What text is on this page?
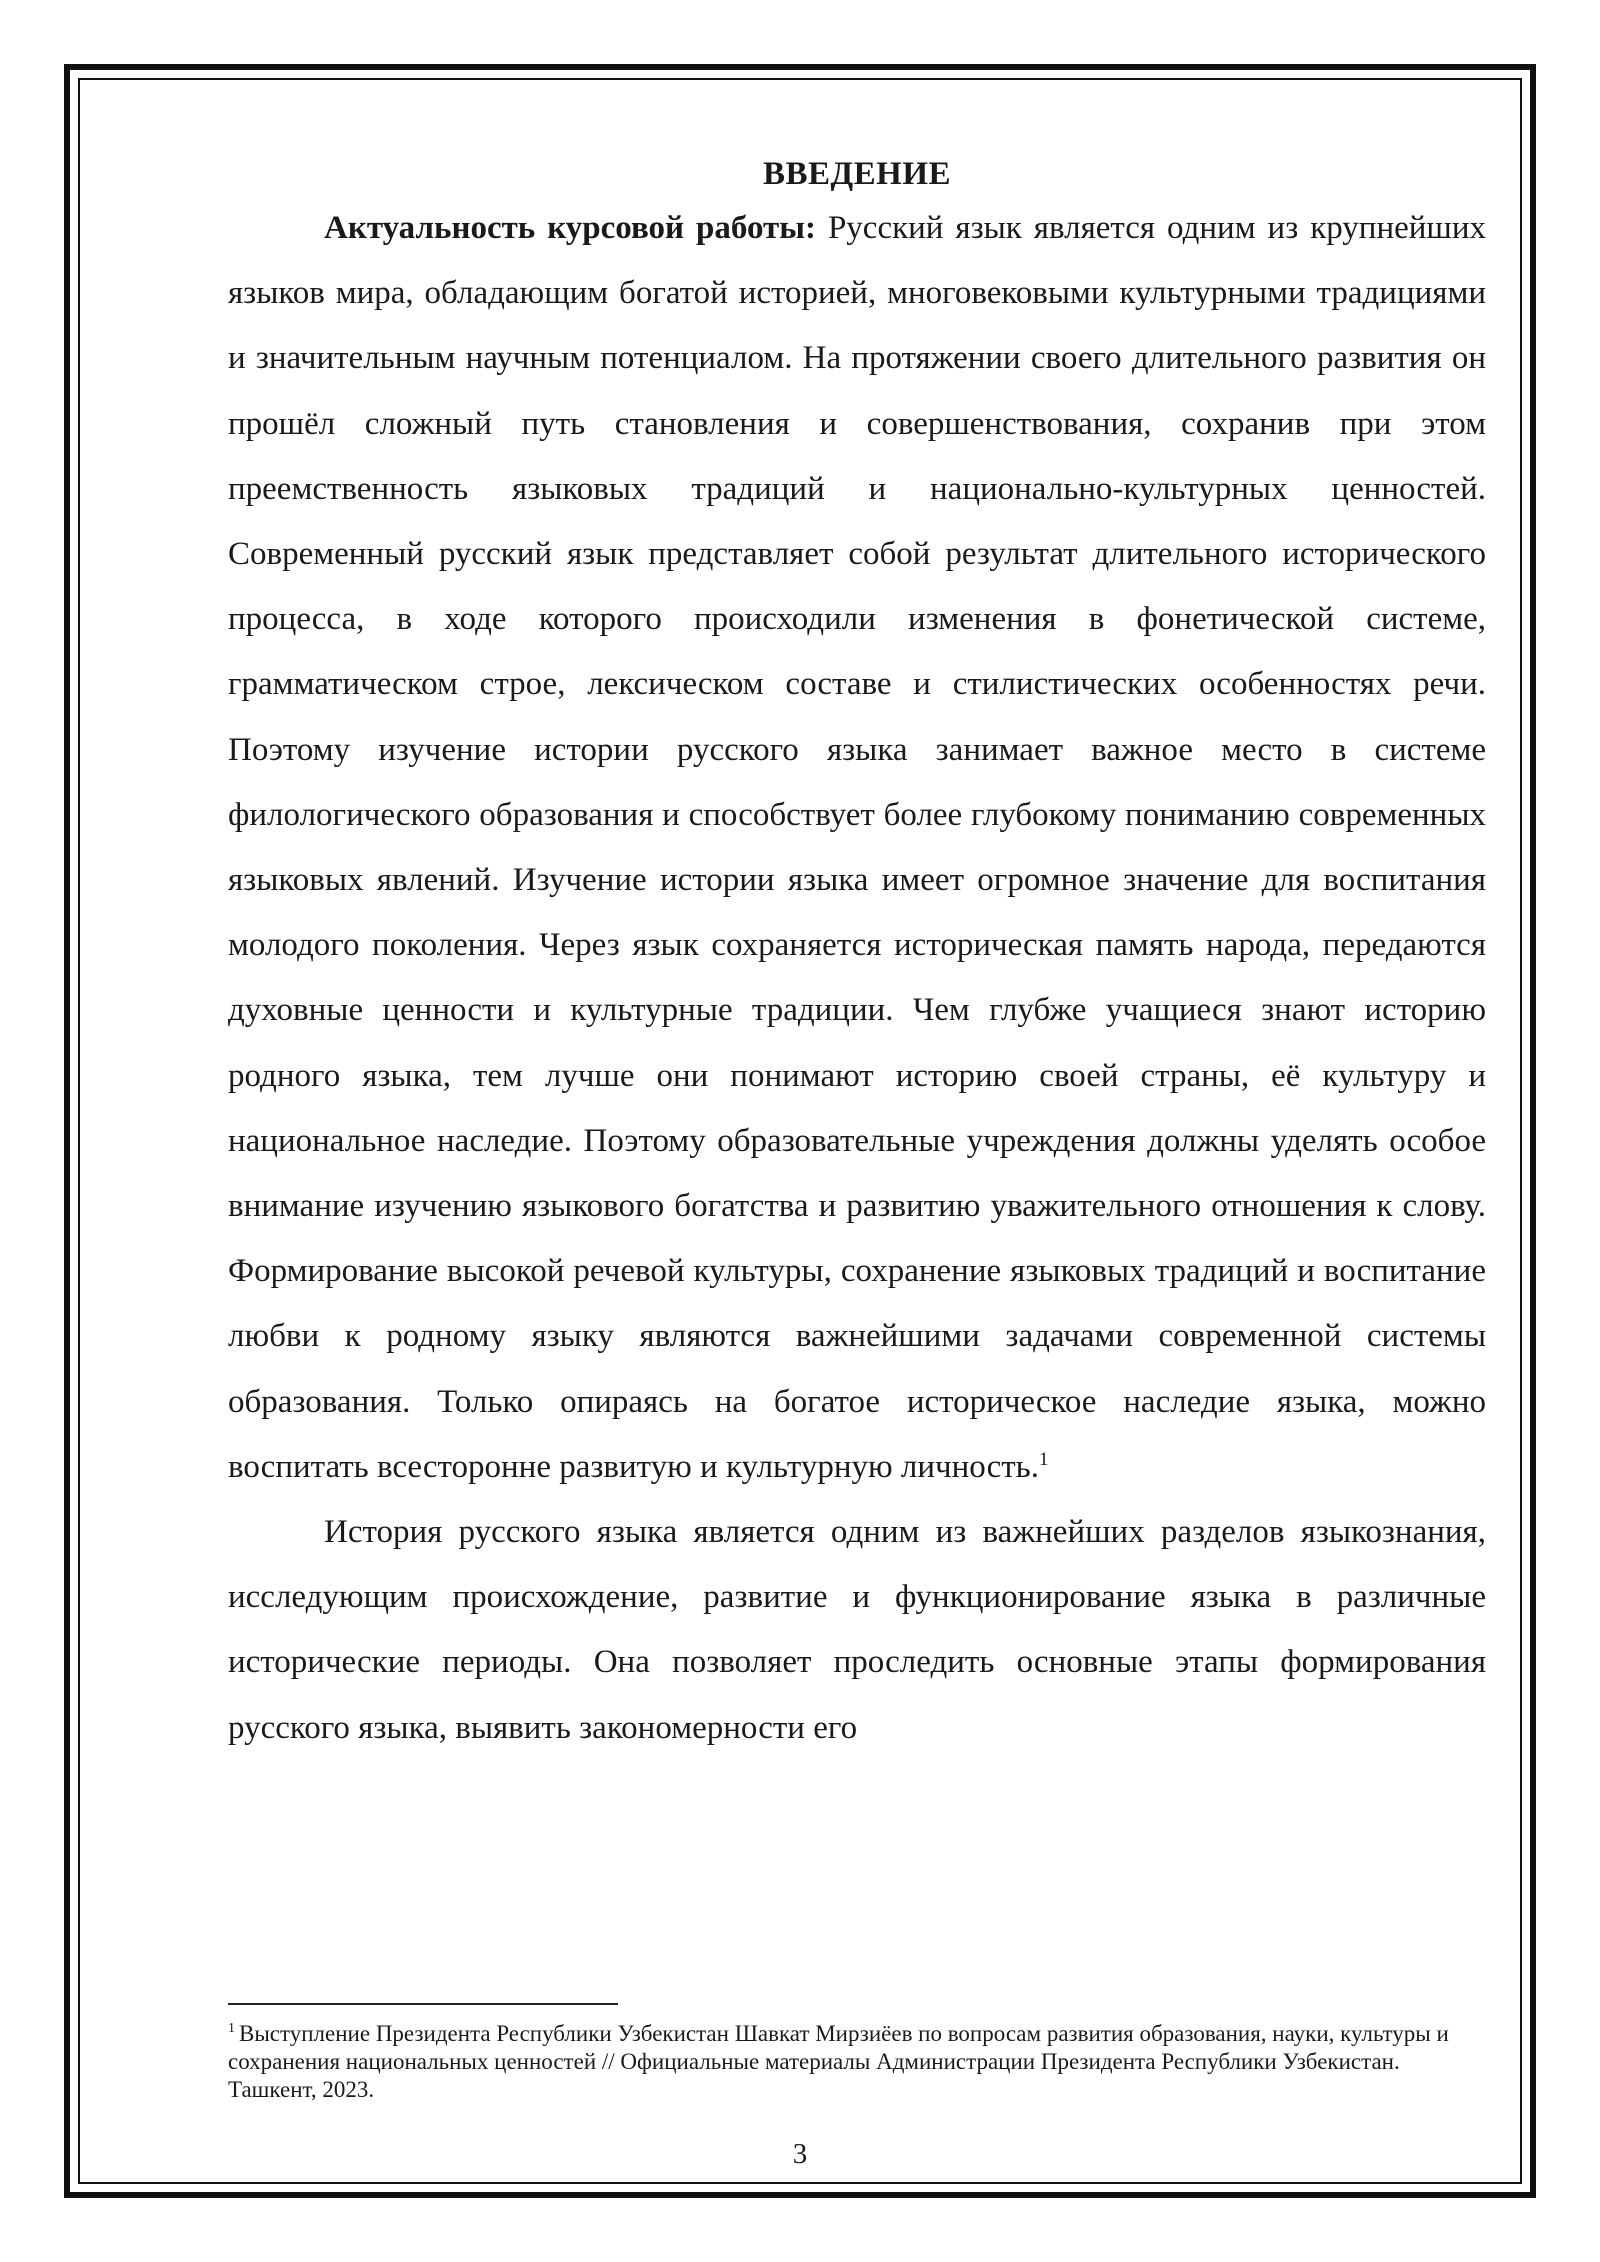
ВВЕДЕНИЕ

Актуальность курсовой работы: Русский язык является одним из крупнейших языков мира, обладающим богатой историей, многовековыми культурными традициями и значительным научным потенциалом. На протяжении своего длительного развития он прошёл сложный путь становления и совершенствования, сохранив при этом преемственность языковых традиций и национально-культурных ценностей. Современный русский язык представляет собой результат длительного исторического процесса, в ходе которого происходили изменения в фонетической системе, грамматическом строе, лексическом составе и стилистических особенностях речи. Поэтому изучение истории русского языка занимает важное место в системе филологического образования и способствует более глубокому пониманию современных языковых явлений. Изучение истории языка имеет огромное значение для воспитания молодого поколения. Через язык сохраняется историческая память народа, передаются духовные ценности и культурные традиции. Чем глубже учащиеся знают историю родного языка, тем лучше они понимают историю своей страны, её культуру и национальное наследие. Поэтому образовательные учреждения должны уделять особое внимание изучению языкового богатства и развитию уважительного отношения к слову. Формирование высокой речевой культуры, сохранение языковых традиций и воспитание любви к родному языку являются важнейшими задачами современной системы образования. Только опираясь на богатое историческое наследие языка, можно воспитать всесторонне развитую и культурную личность.$^1$

История русского языка является одним из важнейших разделов языкознания, исследующим происхождение, развитие и функционирование языка в различные исторические периоды. Она позволяет проследить основные этапы формирования русского языка, выявить закономерности его

$^1$ Выступление Президента Республики Узбекистан Шавкат Мирзиёев по вопросам развития образования, науки, культуры и сохранения национальных ценностей // Официальные материалы Администрации Президента Республики Узбекистан. Ташкент, 2023.

3
